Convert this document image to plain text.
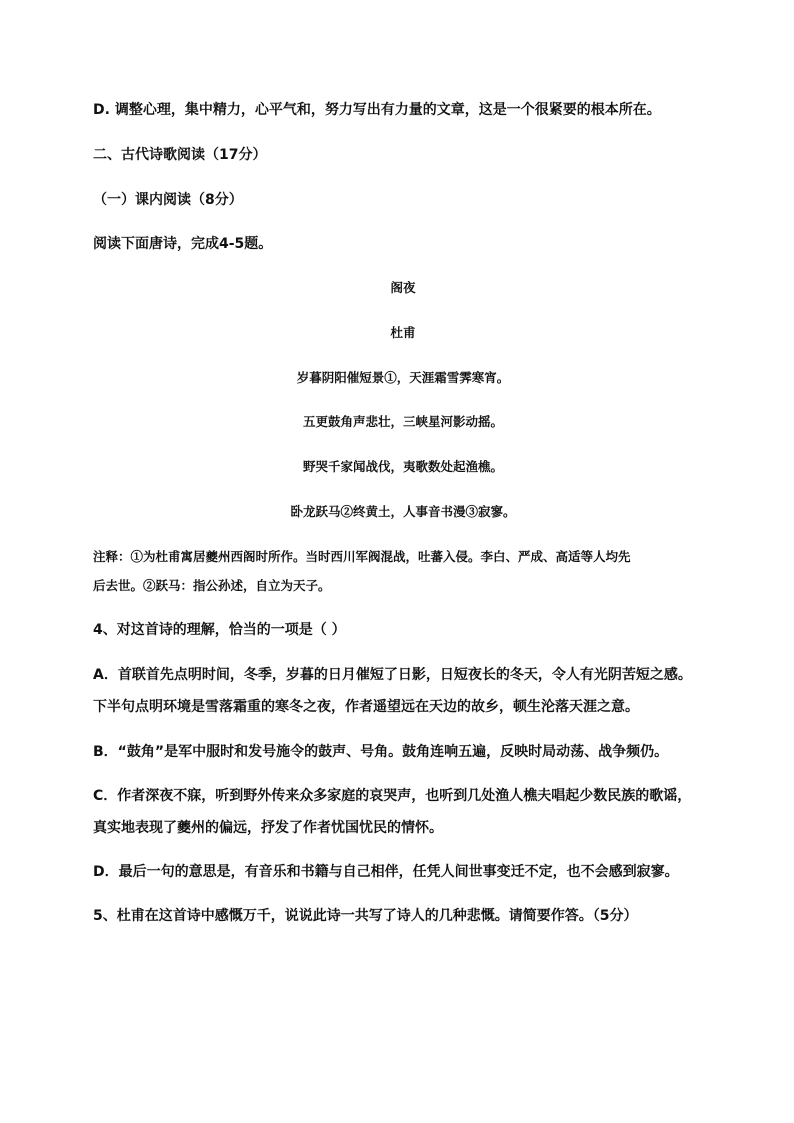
D. 调整心理，集中精力，心平气和，努力写出有力量的文章，这是一个很紧要的根本所在。
二、古代诗歌阅读（17分）
（一）课内阅读（8分）
阅读下面唐诗，完成4-5题。
阁夜
杜甫
岁暮阴阳催短景①，天涯霜雪霁寒宵。
五更鼓角声悲壮，三峡星河影动摇。
野哭千家闻战伐，夷歌数处起渔樵。
卧龙跃马②终黄土，人事音书漫③寂寥。
注释：①为杜甫寓居夔州西阁时所作。当时西川军阀混战，吐蕃入侵。李白、严成、高适等人均先
后去世。②跃马：指公孙述，自立为天子。
4、对这首诗的理解，恰当的一项是（ ）
A．首联首先点明时间，冬季，岁暮的日月催短了日影，日短夜长的冬天，令人有光阴苦短之感。
下半句点明环境是雪落霜重的寒冬之夜，作者遥望远在天边的故乡，顿生沦落天涯之意。
B．“鼓角”是军中服时和发号施令的鼓声、号角。鼓角连响五遍，反映时局动荡、战争频仍。
C．作者深夜不寐，听到野外传来众多家庭的哀哭声，也听到几处渔人樵夫唱起少数民族的歌谣，
真实地表现了夔州的偏远，抒发了作者忧国忧民的情怀。
D．最后一句的意思是，有音乐和书籍与自己相伴，任凭人间世事变迁不定，也不会感到寂寥。
5、杜甫在这首诗中感慨万千，说说此诗一共写了诗人的几种悲慨。请简要作答。（5分）
